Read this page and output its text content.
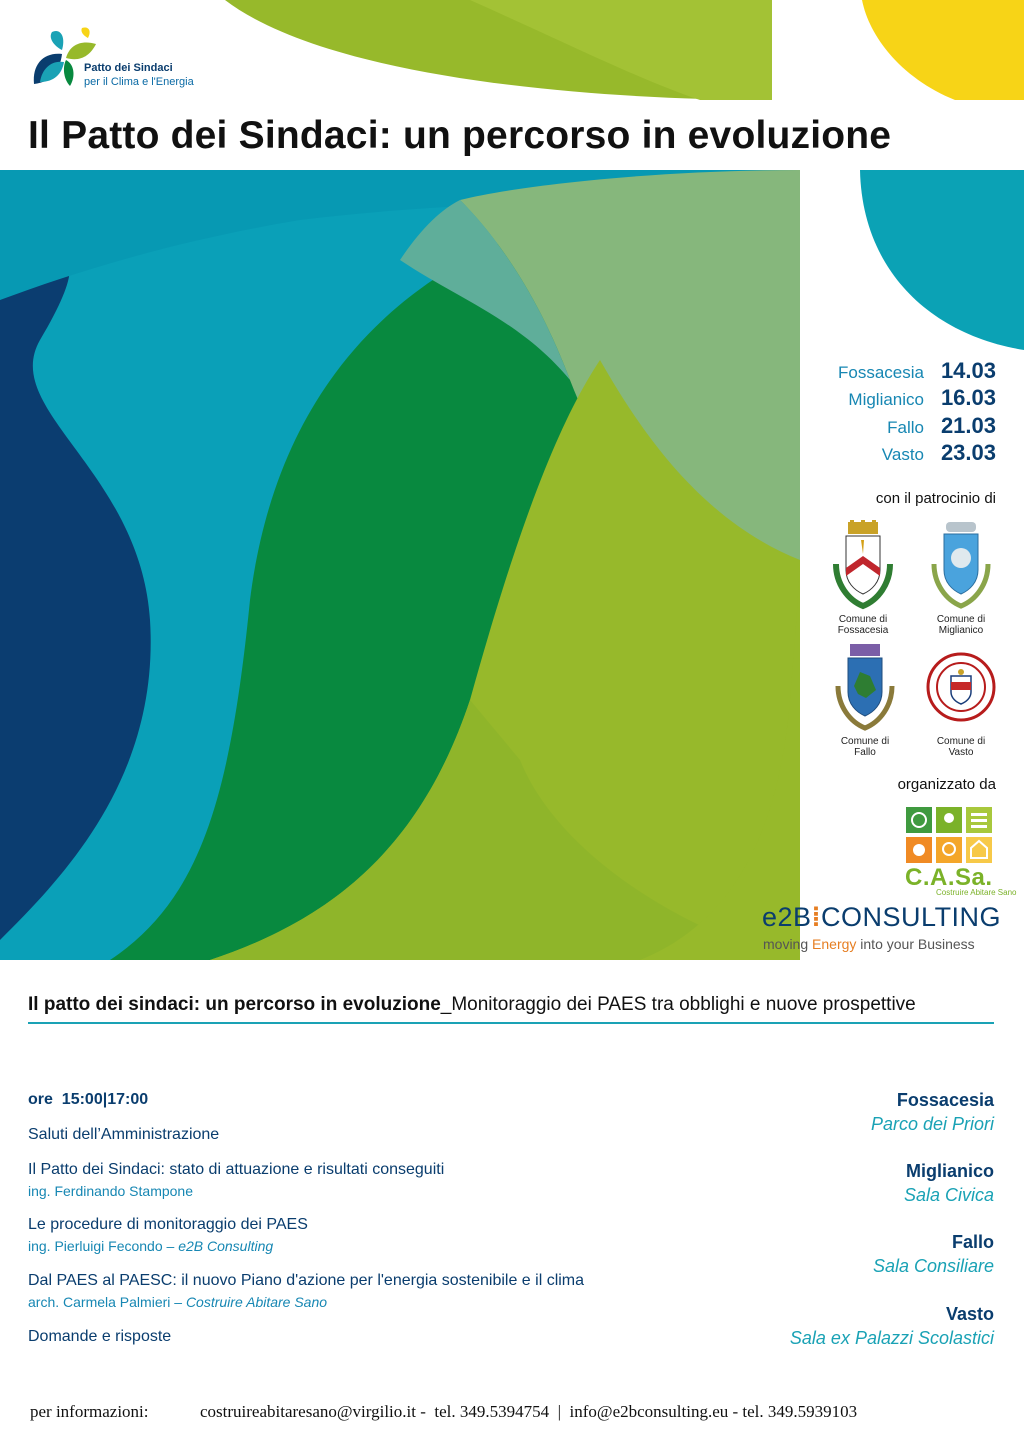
Patto dei Sindaci
per il Clima e l'Energia
Il Patto dei Sindaci: un percorso in evoluzione
Fossacesia 14.03
Miglianico 16.03
Fallo 21.03
Vasto 23.03
con il patrocinio di
Comune di
Fossacesia
Comune di
Miglianico
Comune di
Fallo
Comune di
Vasto
organizzato da
C.A.Sa.
Costruire Abitare Sano
e2B⁞CONSULTING
moving Energy into your Business
Il patto dei sindaci: un percorso in evoluzione_Monitoraggio dei PAES tra obblighi e nuove prospettive
ore  15:00|17:00
Saluti dell’Amministrazione
Il Patto dei Sindaci: stato di attuazione e risultati conseguiti
ing. Ferdinando Stampone
Le procedure di monitoraggio dei PAES
ing. Pierluigi Fecondo – e2B Consulting
Dal PAES al PAESC: il nuovo Piano d'azione per l'energia sostenibile e il clima
arch. Carmela Palmieri – Costruire Abitare Sano
Domande e risposte
Fossacesia
Parco dei Priori
Miglianico
Sala Civica
Fallo
Sala Consiliare
Vasto
Sala ex Palazzi Scolastici
per informazioni:	costruireabitaresano@virgilio.it -  tel. 349.5394754  |  info@e2bconsulting.eu - tel. 349.5939103
